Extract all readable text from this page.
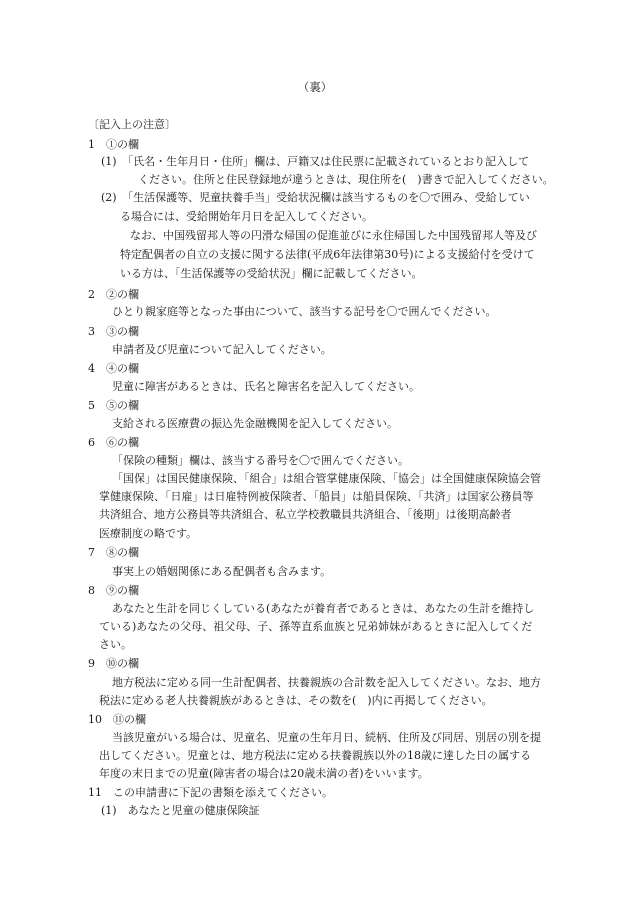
（裏）
〔記入上の注意〕
1　①の欄
(1)　「氏名・生年月日・住所」欄は、戸籍又は住民票に記載されているとおり記入して
ください。住所と住民登録地が違うときは、現住所を(　)書きで記入してください。
(2)　「生活保護等、児童扶養手当」受給状況欄は該当するものを〇で囲み、受給してい
る場合には、受給開始年月日を記入してください。
なお、中国残留邦人等の円滑な帰国の促進並びに永住帰国した中国残留邦人等及び
特定配偶者の自立の支援に関する法律(平成6年法律第30号)による支援給付を受けて
いる方は、「生活保護等の受給状況」欄に記載してください。
2　②の欄
ひとり親家庭等となった事由について、該当する記号を〇で囲んでください。
3　③の欄
申請者及び児童について記入してください。
4　④の欄
児童に障害があるときは、氏名と障害名を記入してください。
5　⑤の欄
支給される医療費の振込先金融機関を記入してください。
6　⑥の欄
「保険の種類」欄は、該当する番号を〇で囲んでください。
「国保」は国民健康保険、「組合」は組合管掌健康保険、「協会」は全国健康保険協会管
掌健康保険、「日雇」は日雇特例被保険者、「船員」は船員保険、「共済」は国家公務員等
共済組合、地方公務員等共済組合、私立学校教職員共済組合、「後期」は後期高齢者
医療制度の略です。
7　⑧の欄
事実上の婚姻関係にある配偶者も含みます。
8　⑨の欄
あなたと生計を同じくしている(あなたが養育者であるときは、あなたの生計を維持し
ている)あなたの父母、祖父母、子、孫等直系血族と兄弟姉妹があるときに記入してくだ
さい。
9　⑩の欄
地方税法に定める同一生計配偶者、扶養親族の合計数を記入してください。なお、地方
税法に定める老人扶養親族があるときは、その数を(　)内に再掲してください。
10　⑪の欄
当該児童がいる場合は、児童名、児童の生年月日、続柄、住所及び同居、別居の別を提
出してください。児童とは、地方税法に定める扶養親族以外の18歳に達した日の属する
年度の末日までの児童(障害者の場合は20歳未満の者)をいいます。
11　この申請書に下記の書類を添えてください。
(1)　あなたと児童の健康保険証
